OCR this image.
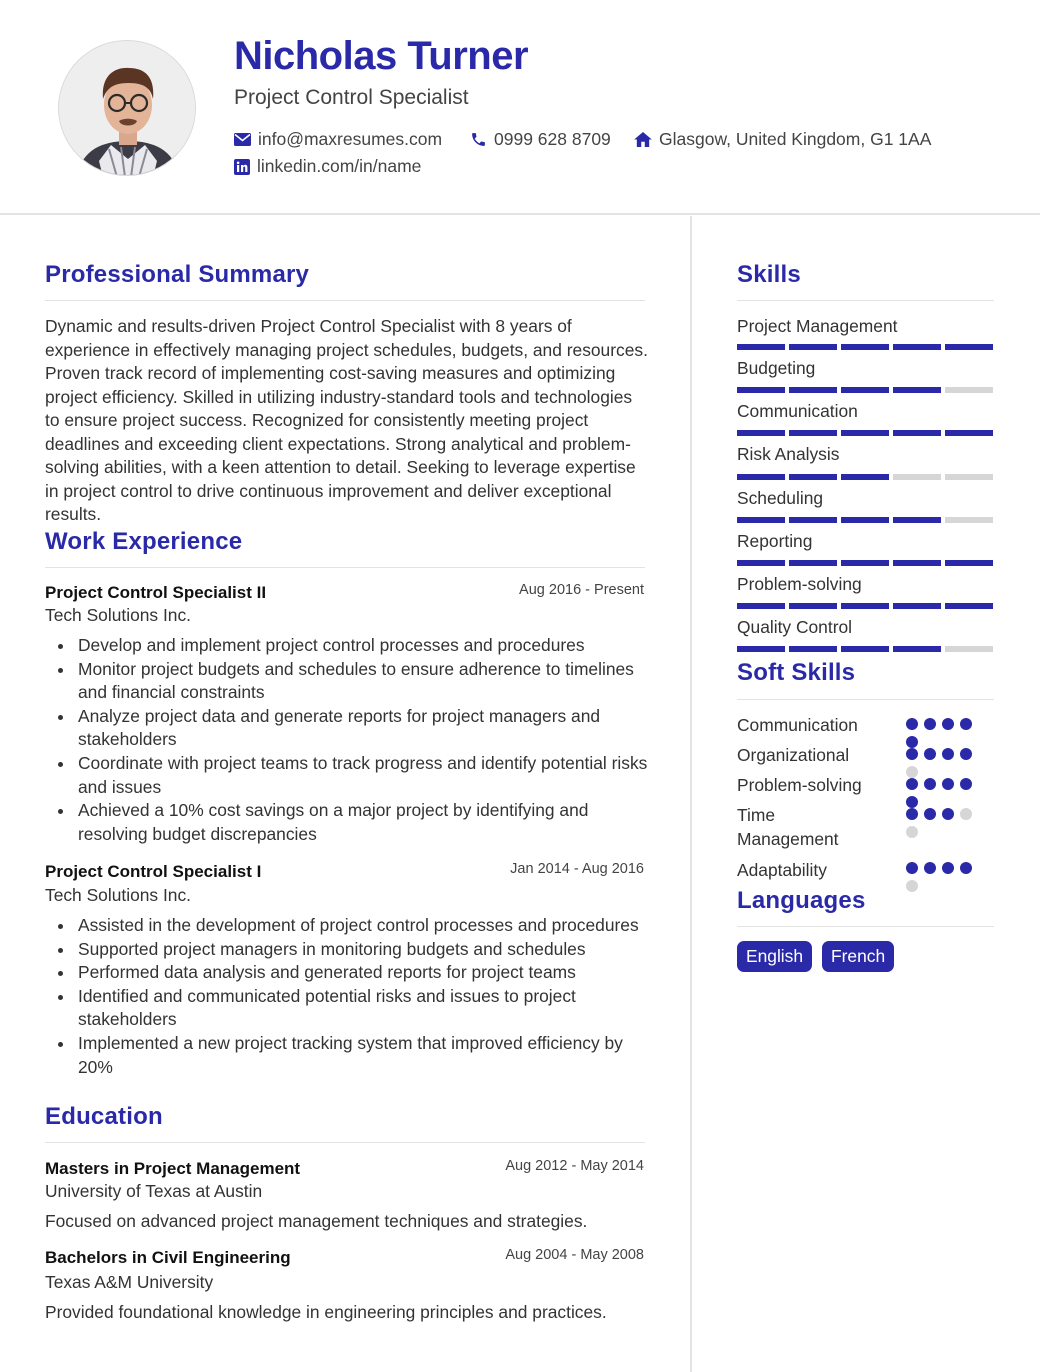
Nicholas Turner
Project Control Specialist
info@maxresumes.com	0999 628 8709	Glasgow, United Kingdom, G1 1AA
linkedin.com/in/name
Professional Summary
Dynamic and results-driven Project Control Specialist with 8 years of experience in effectively managing project schedules, budgets, and resources. Proven track record of implementing cost-saving measures and optimizing project efficiency. Skilled in utilizing industry-standard tools and technologies to ensure project success. Recognized for consistently meeting project deadlines and exceeding client expectations. Strong analytical and problem-solving abilities, with a keen attention to detail. Seeking to leverage expertise in project control to drive continuous improvement and deliver exceptional results.
Work Experience
Project Control Specialist II	Aug 2016 - Present
Tech Solutions Inc.
Develop and implement project control processes and procedures
Monitor project budgets and schedules to ensure adherence to timelines and financial constraints
Analyze project data and generate reports for project managers and stakeholders
Coordinate with project teams to track progress and identify potential risks and issues
Achieved a 10% cost savings on a major project by identifying and resolving budget discrepancies
Project Control Specialist I	Jan 2014 - Aug 2016
Tech Solutions Inc.
Assisted in the development of project control processes and procedures
Supported project managers in monitoring budgets and schedules
Performed data analysis and generated reports for project teams
Identified and communicated potential risks and issues to project stakeholders
Implemented a new project tracking system that improved efficiency by 20%
Education
Masters in Project Management	Aug 2012 - May 2014
University of Texas at Austin
Focused on advanced project management techniques and strategies.
Bachelors in Civil Engineering	Aug 2004 - May 2008
Texas A&M University
Provided foundational knowledge in engineering principles and practices.
Skills
Project Management
Budgeting
Communication
Risk Analysis
Scheduling
Reporting
Problem-solving
Quality Control
Soft Skills
Communication
Organizational
Problem-solving
Time Management
Adaptability
Languages
English	French
